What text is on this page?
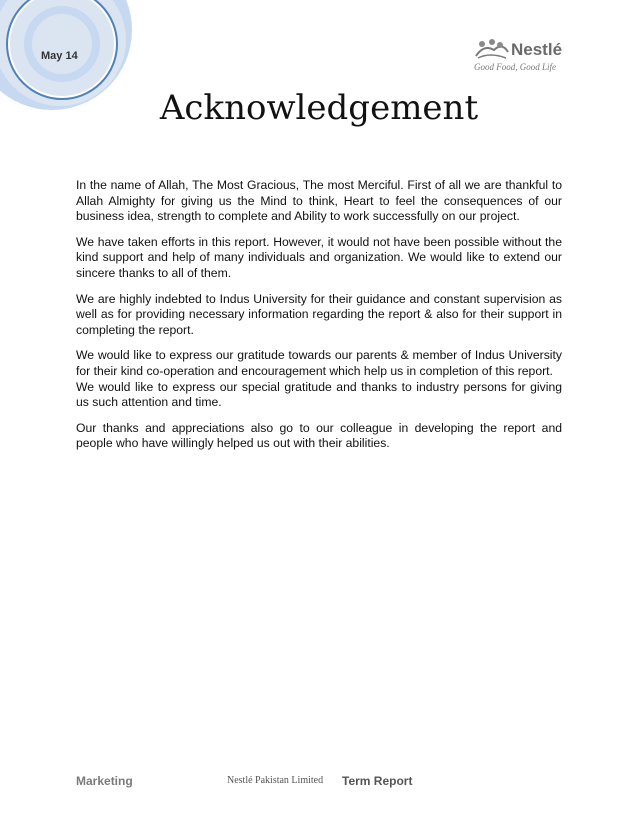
May 14	Nestlé
Good Food, Good Life
Acknowledgement

In the name of Allah, The Most Gracious, The most Merciful. First of all we are thankful to Allah Almighty for giving us the Mind to think, Heart to feel the consequences of our business idea, strength to complete and Ability to work successfully on our project.

We have taken efforts in this report. However, it would not have been possible without the kind support and help of many individuals and organization. We would like to extend our sincere thanks to all of them.

We are highly indebted to Indus University for their guidance and constant supervision as well as for providing necessary information regarding the report & also for their support in completing the report.

We would like to express our gratitude towards our parents & member of Indus University for their kind co-operation and encouragement which help us in completion of this report.

We would like to express our special gratitude and thanks to industry persons for giving us such attention and time.

Our thanks and appreciations also go to our colleague in developing the report and people who have willingly helped us out with their abilities.

Marketing	Nestlé Pakistan Limited Term Report
